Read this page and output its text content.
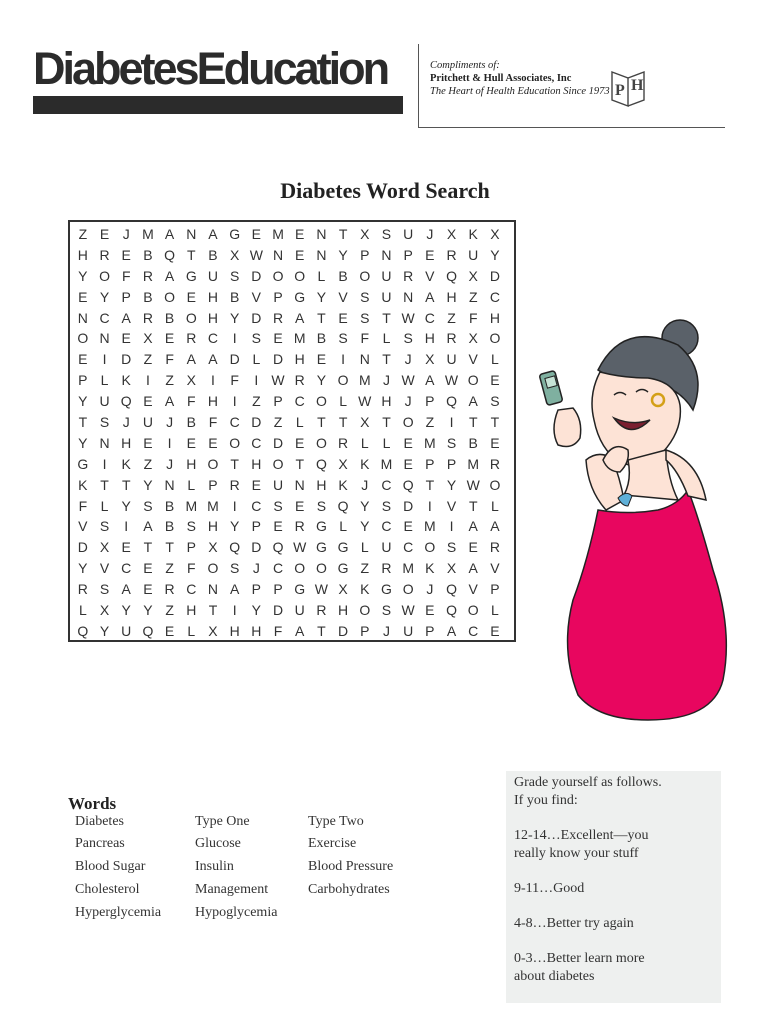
DiabetesEducation	Compliments of:
Pritchett & Hull Associates, Inc
The Heart of Health Education Since 1973 P H
Diabetes Word Search
Z E J M A N A G E M E N T X S U J X K X
H R E B Q T B X W N E N Y P N P E R U Y
Y O F R A G U S D O O L B O U R V Q X D
E Y P B O E H B V P G Y V S U N A H Z C
N C A R B O H Y D R A T E S T W C Z F H
O N E X E R C	I	S E M B S F L S H R X O
E	I	D Z F A A D L D H E	I	N T J X U V L
P L K	I	Z X	I	F	I W R Y O M J W A W O E
Y U Q E A F H	I	Z P C O L W H J P Q A S
T S J U J B F C D Z L T T X T O Z	I	T T
Y N H E	I	E E O C D E O R L L E M S B E
G	I	K Z J H O T H O T Q X K M E P P M R
K T T Y N L P R E U N H K J C Q T Y W O
F L Y S B M M I	C S E S Q Y S D	I	V T L
V S	I	A B S H Y P E R G L Y C E M I	A A
D X E T T P X Q D Q W G G L U C O S E R
Y V C E Z F O S J C O O G Z R M K X A V
R S A E R C N A P P G W X K G O J Q V P
L X Y Y Z H T	I	Y D U R H O S W E Q O L
Q Y U Q E L X H H F A T D P J U P A C E
Words
Diabetes
Pancreas
Blood Sugar
Cholesterol
Hyperglycemia
Type One
Glucose
Insulin
Management
Hypoglycemia
Type Two
Exercise
Blood Pressure
Carbohydrates

Grade yourself as follows.

If you find:

12-14…Excellent—you

really know your stuff

9-11…Good

4-8…Better try again

0-3…Better learn more

about diabetes
